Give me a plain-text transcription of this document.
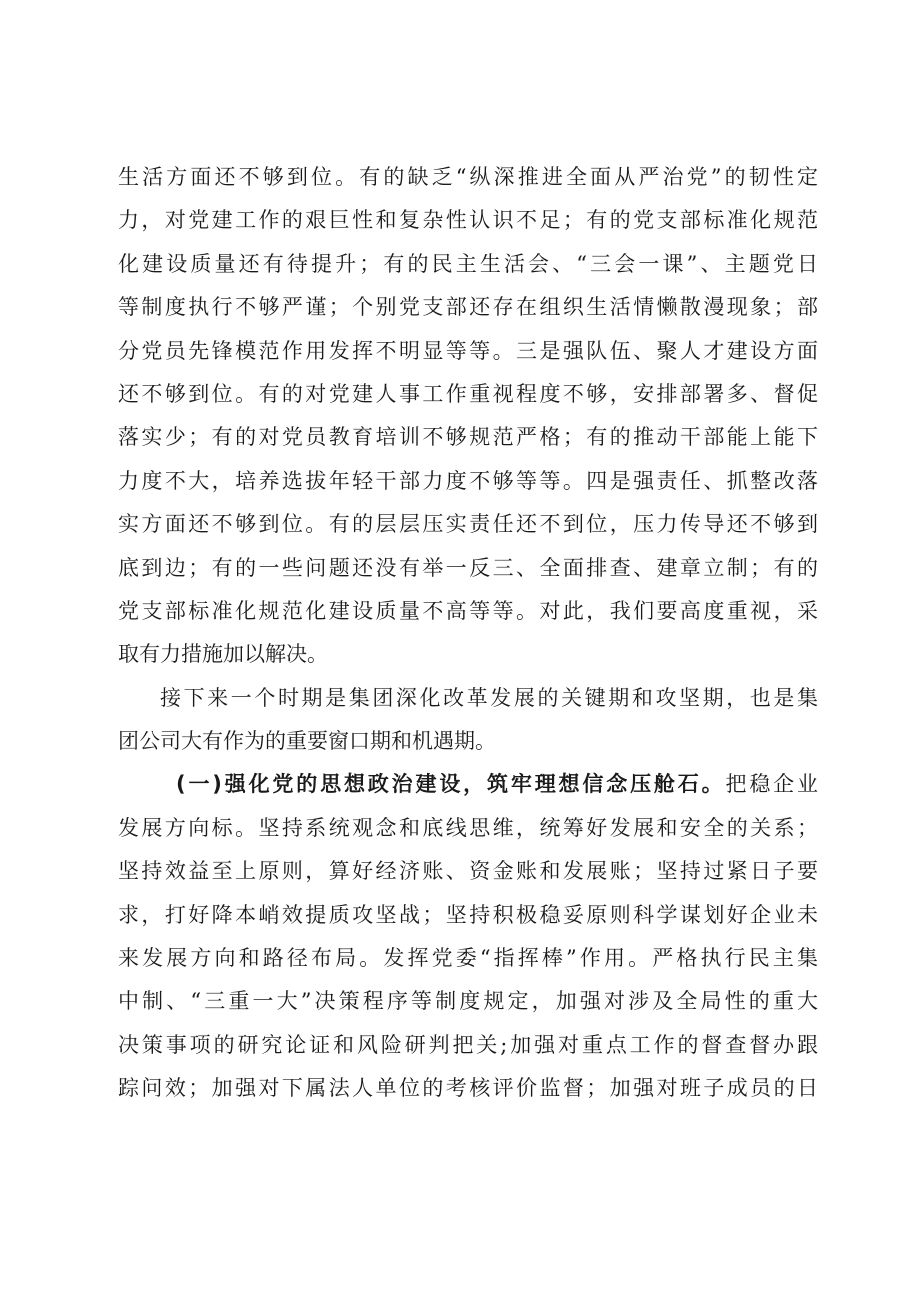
生活方面还不够到位。有的缺乏“纵深推进全面从严治党”的韧性定
力，对党建工作的艰巨性和复杂性认识不足；有的党支部标准化规范
化建设质量还有待提升；有的民主生活会、“三会一课”、主题党日
等制度执行不够严谨；个别党支部还存在组织生活情懒散漫现象；部
分党员先锋模范作用发挥不明显等等。三是强队伍、聚人才建设方面
还不够到位。有的对党建人事工作重视程度不够，安排部署多、督促
落实少；有的对党员教育培训不够规范严格；有的推动干部能上能下
力度不大，培养选拔年轻干部力度不够等等。四是强责任、抓整改落
实方面还不够到位。有的层层压实责任还不到位，压力传导还不够到
底到边；有的一些问题还没有举一反三、全面排查、建章立制；有的
党支部标准化规范化建设质量不高等等。对此，我们要高度重视，采
取有力措施加以解决。
接下来一个时期是集团深化改革发展的关键期和攻坚期，也是集
团公司大有作为的重要窗口期和机遇期。
(一)强化党的思想政治建设，筑牢理想信念压舱石。把稳企业
发展方向标。坚持系统观念和底线思维，统筹好发展和安全的关系；
坚持效益至上原则，算好经济账、资金账和发展账；坚持过紧日子要
求，打好降本峭效提质攻坚战；坚持积极稳妥原则科学谋划好企业未
来发展方向和路径布局。发挥党委“指挥棒”作用。严格执行民主集
中制、“三重一大”决策程序等制度规定，加强对涉及全局性的重大
决策事项的研究论证和风险研判把关;加强对重点工作的督查督办跟
踪问效；加强对下属法人单位的考核评价监督；加强对班子成员的日
